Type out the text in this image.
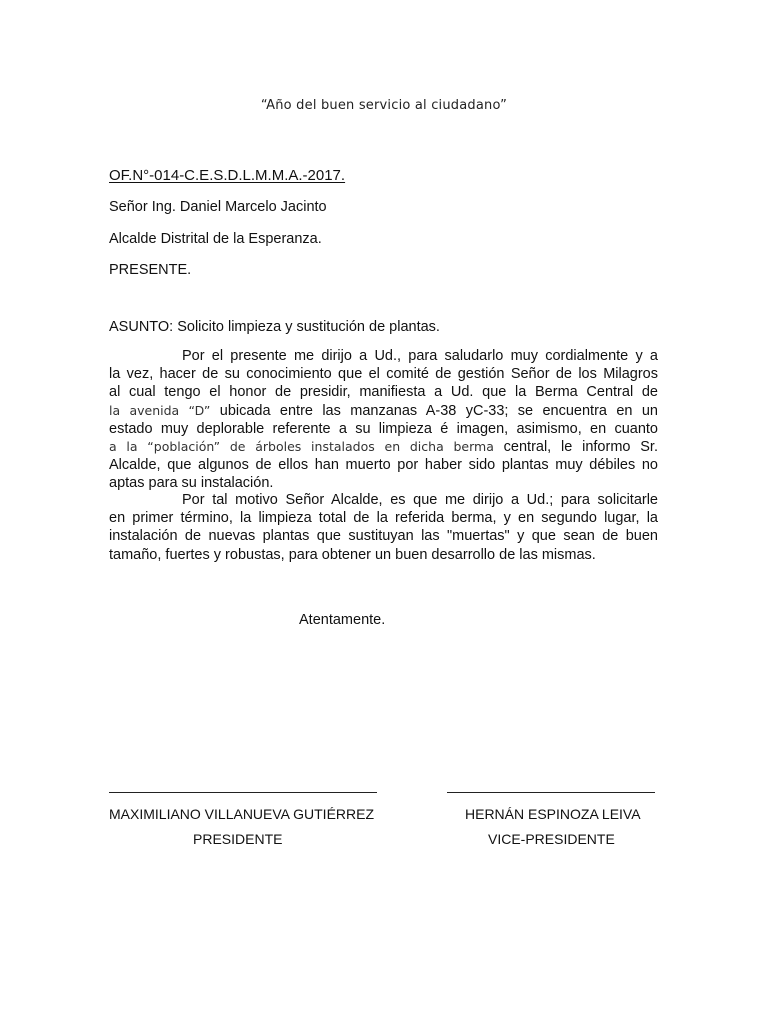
“Año del buen servicio al ciudadano”
OF.N°-014-C.E.S.D.L.M.M.A.-2017.
Señor Ing. Daniel Marcelo Jacinto
Alcalde Distrital de la Esperanza.
PRESENTE.
ASUNTO: Solicito limpieza y sustitución de plantas.
Por el presente me dirijo a Ud., para saludarlo muy cordialmente y a
la vez, hacer de su conocimiento que el comité de gestión Señor de los Milagros
al cual tengo el honor de presidir, manifiesta a Ud. que la Berma Central de
la avenida “D” ubicada entre las manzanas A-38 yC-33; se encuentra en un
estado muy deplorable referente a su limpieza é imagen, asimismo, en cuanto
a la “población” de árboles instalados en dicha berma central, le informo Sr.
Alcalde, que algunos de ellos han muerto por haber sido plantas muy débiles no
aptas para su instalación.
Por tal motivo Señor Alcalde, es que me dirijo a Ud.; para solicitarle
en primer término, la limpieza total de la referida berma, y en segundo lugar, la
instalación de nuevas plantas que sustituyan las "muertas" y que sean de buen
tamaño, fuertes y robustas, para obtener un buen desarrollo de las mismas.
Atentamente.
MAXIMILIANO VILLANUEVA GUTIÉRREZ	HERNÁN ESPINOZA LEIVA
PRESIDENTE	VICE-PRESIDENTE
